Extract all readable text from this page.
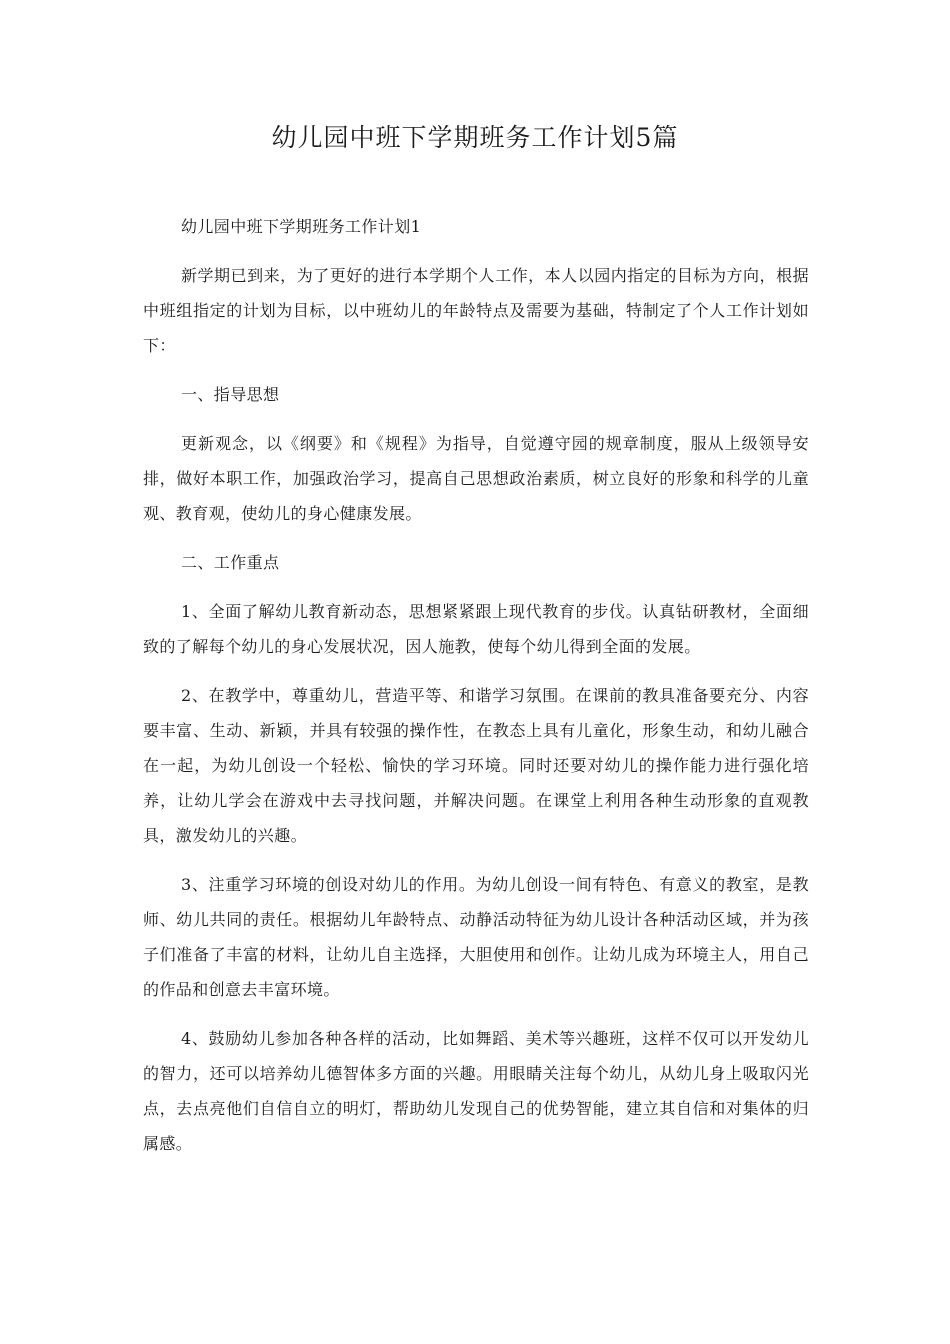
幼儿园中班下学期班务工作计划5篇

幼儿园中班下学期班务工作计划1

新学期已到来，为了更好的进行本学期个人工作，本人以园内指定的目标为方向，根据中班组指定的计划为目标，以中班幼儿的年龄特点及需要为基础，特制定了个人工作计划如下：

一、指导思想

更新观念，以《纲要》和《规程》为指导，自觉遵守园的规章制度，服从上级领导安排，做好本职工作，加强政治学习，提高自己思想政治素质，树立良好的形象和科学的儿童观、教育观，使幼儿的身心健康发展。

二、工作重点

1、全面了解幼儿教育新动态，思想紧紧跟上现代教育的步伐。认真钻研教材，全面细致的了解每个幼儿的身心发展状况，因人施教，使每个幼儿得到全面的发展。

2、在教学中，尊重幼儿，营造平等、和谐学习氛围。在课前的教具准备要充分、内容要丰富、生动、新颖，并具有较强的操作性，在教态上具有儿童化，形象生动，和幼儿融合在一起，为幼儿创设一个轻松、愉快的学习环境。同时还要对幼儿的操作能力进行强化培养，让幼儿学会在游戏中去寻找问题，并解决问题。在课堂上利用各种生动形象的直观教具，激发幼儿的兴趣。

3、注重学习环境的创设对幼儿的作用。为幼儿创设一间有特色、有意义的教室，是教师、幼儿共同的责任。根据幼儿年龄特点、动静活动特征为幼儿设计各种活动区域，并为孩子们准备了丰富的材料，让幼儿自主选择，大胆使用和创作。让幼儿成为环境主人，用自己的作品和创意去丰富环境。

4、鼓励幼儿参加各种各样的活动，比如舞蹈、美术等兴趣班，这样不仅可以开发幼儿的智力，还可以培养幼儿德智体多方面的兴趣。用眼睛关注每个幼儿，从幼儿身上吸取闪光点，去点亮他们自信自立的明灯，帮助幼儿发现自己的优势智能，建立其自信和对集体的归属感。
